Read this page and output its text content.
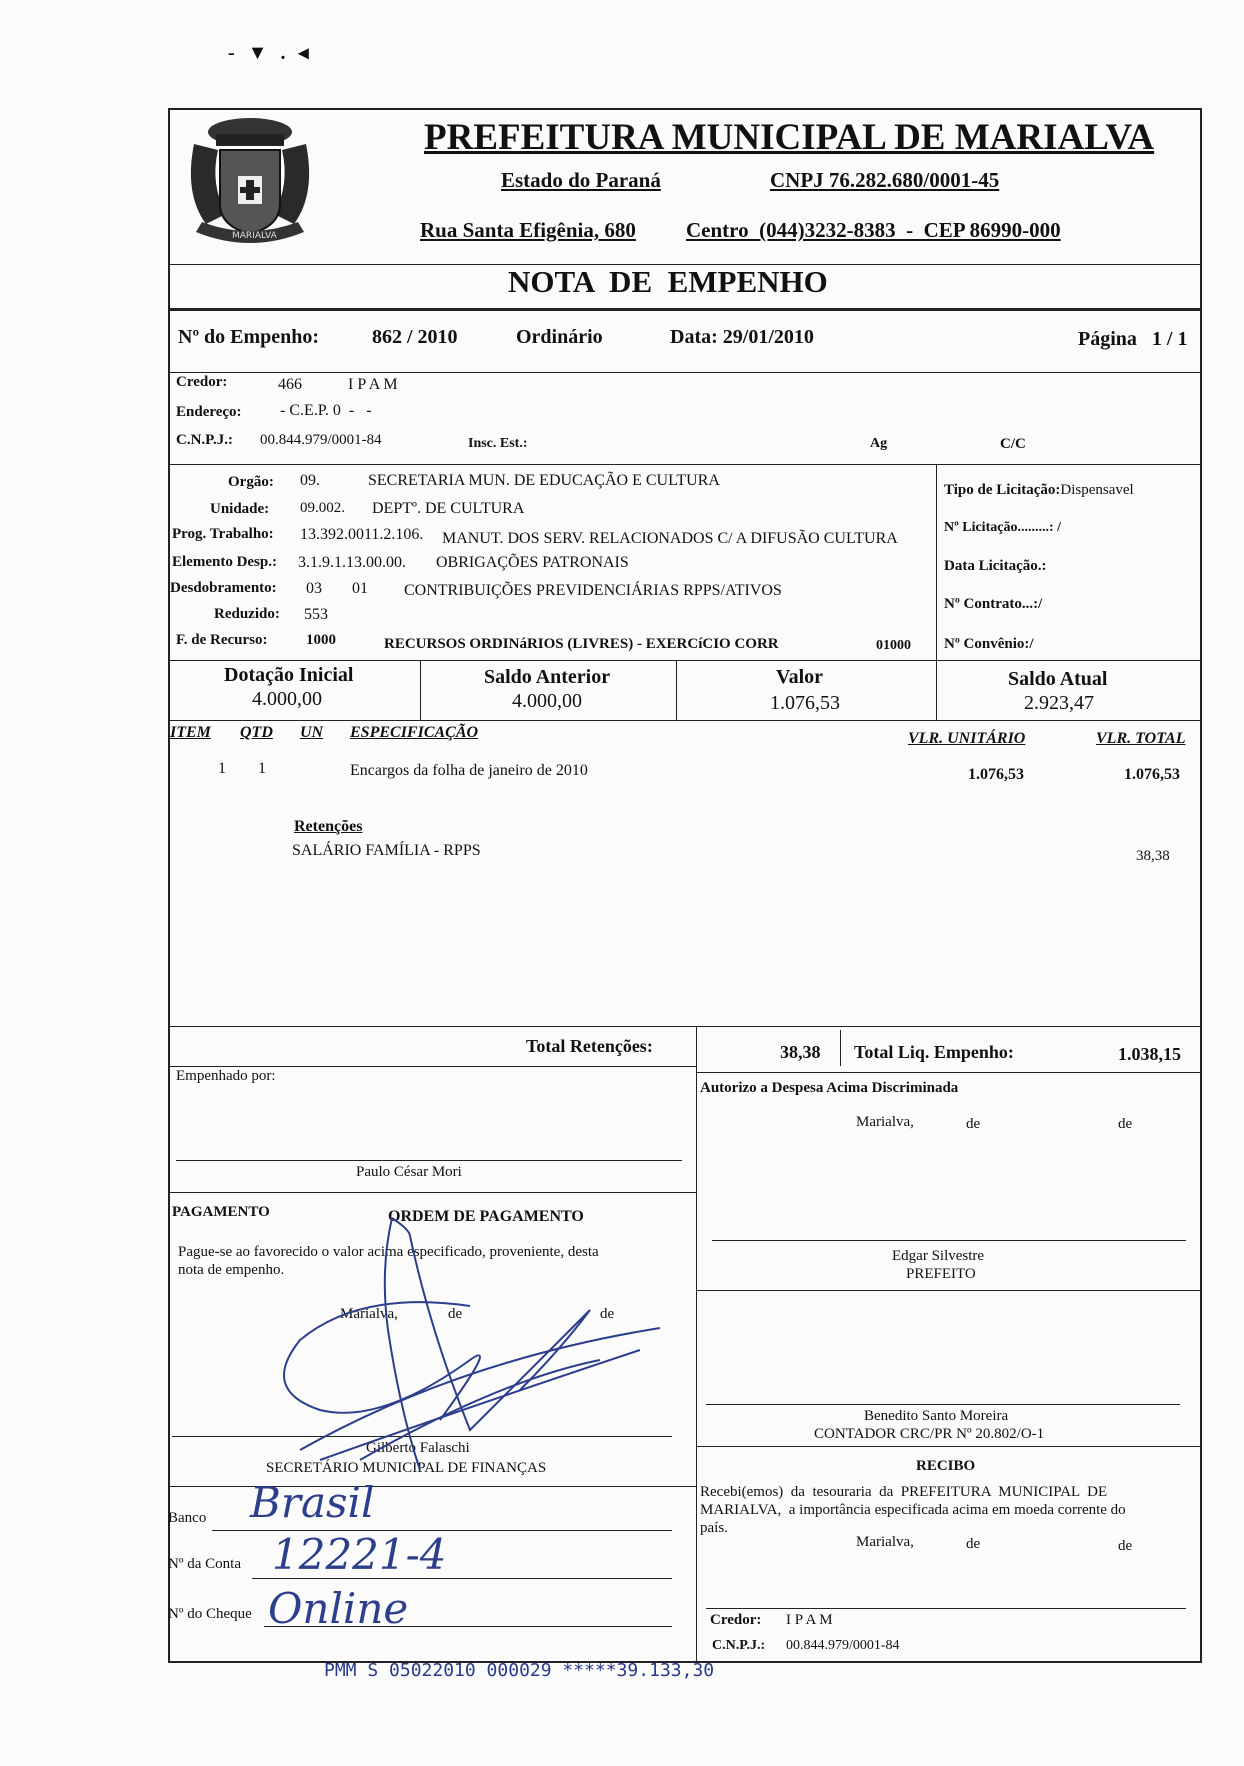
- ▼ . ◂
MARIALVA
PREFEITURA MUNICIPAL DE MARIALVA
Estado do Paraná	CNPJ 76.282.680/0001-45
Rua Santa Efigênia, 680 Centro  (044)3232-8383  -  CEP 86990-000
NOTA  DE  EMPENHO
Nº do Empenho:	862 / 2010	Ordinário	Data: 29/01/2010	Página   1 / 1
Credor:	466	I P A M
Endereço: - C.E.P. 0  -   -
C.N.P.J.: 00.844.979/0001-84	Insc. Est.:	Ag	C/C
Orgão: 09.	SECRETARIA MUN. DE EDUCAÇÃO E CULTURA
Unidade: 09.002. DEPTº. DE CULTURA
Prog. Trabalho: 13.392.0011.2.106. MANUT. DOS SERV. RELACIONADOS C/ A DIFUSÃO CULTURA
Elemento Desp.: 3.1.9.1.13.00.00. OBRIGAÇÕES PATRONAIS
Desdobramento: 03 01 CONTRIBUIÇÕES PREVIDENCIÁRIAS RPPS/ATIVOS
Reduzido: 553
F. de Recurso:	1000	RECURSOS ORDINáRIOS (LIVRES) - EXERCíCIO CORR	01000
Tipo de Licitação:Dispensavel
Nº Licitação.........: /
Data Licitação.:
Nº Contrato...:/
Nº Convênio:/
Dotação Inicial
4.000,00
Saldo Anterior
4.000,00
Valor
1.076,53
Saldo Atual
2.923,47
ITEM QTD UN ESPECIFICAÇÃO	VLR. UNITÁRIO	VLR. TOTAL
1 1	Encargos da folha de janeiro de 2010	1.076,53	1.076,53
Retenções
SALÁRIO FAMÍLIA - RPPS	38,38
Total Retenções:	38,38 Total Liq. Empenho:	1.038,15
Empenhado por:
Paulo César Mori
Autorizo a Despesa Acima Discriminada
Marialva,	de	de
PAGAMENTO	ORDEM DE PAGAMENTO
Pague-se ao favorecido o valor acima especificado, proveniente, desta
nota de empenho.
Marialva,	de	de
Gilberto Falaschi
SECRETÁRIO MUNICIPAL DE FINANÇAS
Edgar Silvestre
PREFEITO
Benedito Santo Moreira
CONTADOR CRC/PR Nº 20.802/O-1
RECIBO
Recebi(emos)  da  tesouraria  da  PREFEITURA  MUNICIPAL  DE
MARIALVA,  a importância especificada acima em moeda corrente do
país.
Marialva,	de	de
Credor: I P A M
C.N.P.J.: 00.844.979/0001-84
Banco Brasil
Nº da Conta 12221-4
Nº do Cheque Online
PMM S 05022010 000029 *****39.133,30
